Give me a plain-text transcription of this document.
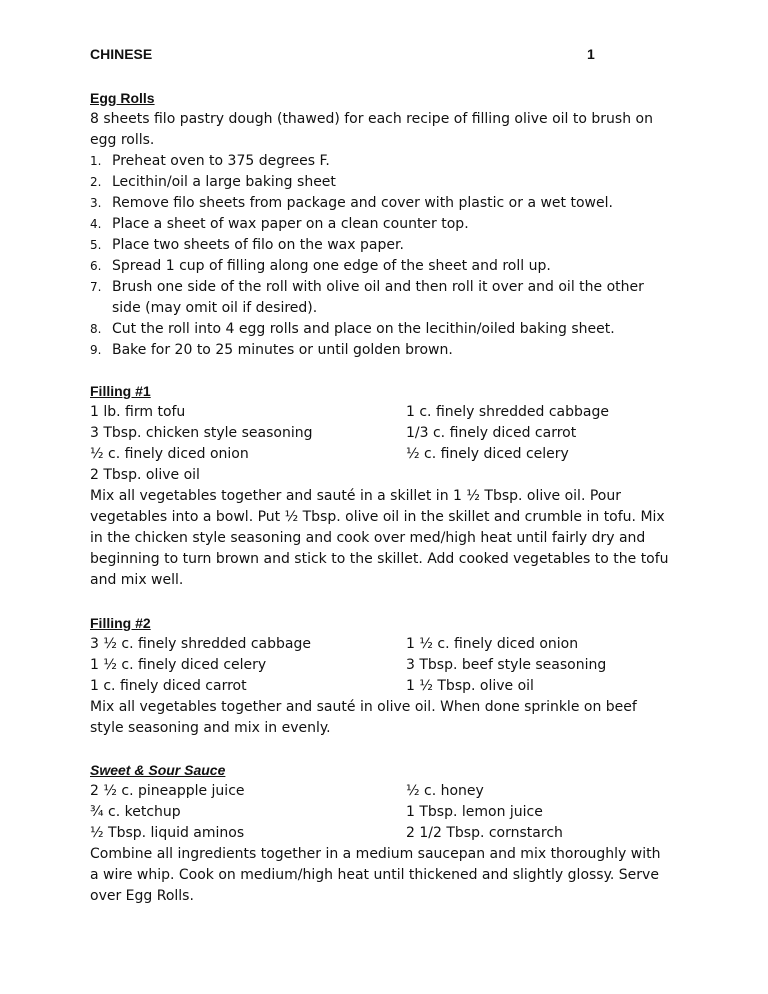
CHINESE	1

Egg Rolls

8 sheets filo pastry dough (thawed) for each recipe of filling olive oil to brush on egg rolls.

1. Preheat oven to 375 degrees F.
2. Lecithin/oil a large baking sheet
3. Remove filo sheets from package and cover with plastic or a wet towel.
4. Place a sheet of wax paper on a clean counter top.
5. Place two sheets of filo on the wax paper.
6. Spread 1 cup of filling along one edge of the sheet and roll up.
7. Brush one side of the roll with olive oil and then roll it over and oil the other side (may omit oil if desired).
8. Cut the roll into 4 egg rolls and place on the lecithin/oiled baking sheet.
9. Bake for 20 to 25 minutes or until golden brown.

Filling #1

1 lb. firm tofu	1 c. finely shredded cabbage
3 Tbsp. chicken style seasoning	1/3 c. finely diced carrot
½ c. finely diced onion	½ c. finely diced celery
2 Tbsp. olive oil

Mix all vegetables together and sauté in a skillet in 1 ½ Tbsp. olive oil. Pour vegetables into a bowl. Put ½ Tbsp. olive oil in the skillet and crumble in tofu. Mix in the chicken style seasoning and cook over med/high heat until fairly dry and beginning to turn brown and stick to the skillet. Add cooked vegetables to the tofu and mix well.

Filling #2

3 ½ c. finely shredded cabbage	1 ½ c. finely diced onion
1 ½ c. finely diced celery	3 Tbsp. beef style seasoning
1 c. finely diced carrot	1 ½ Tbsp. olive oil

Mix all vegetables together and sauté in olive oil. When done sprinkle on beef style seasoning and mix in evenly.

Sweet & Sour Sauce

2 ½ c. pineapple juice	½ c. honey
¾ c. ketchup	1 Tbsp. lemon juice
½ Tbsp. liquid aminos	2 1/2 Tbsp. cornstarch

Combine all ingredients together in a medium saucepan and mix thoroughly with a wire whip. Cook on medium/high heat until thickened and slightly glossy. Serve over Egg Rolls.
